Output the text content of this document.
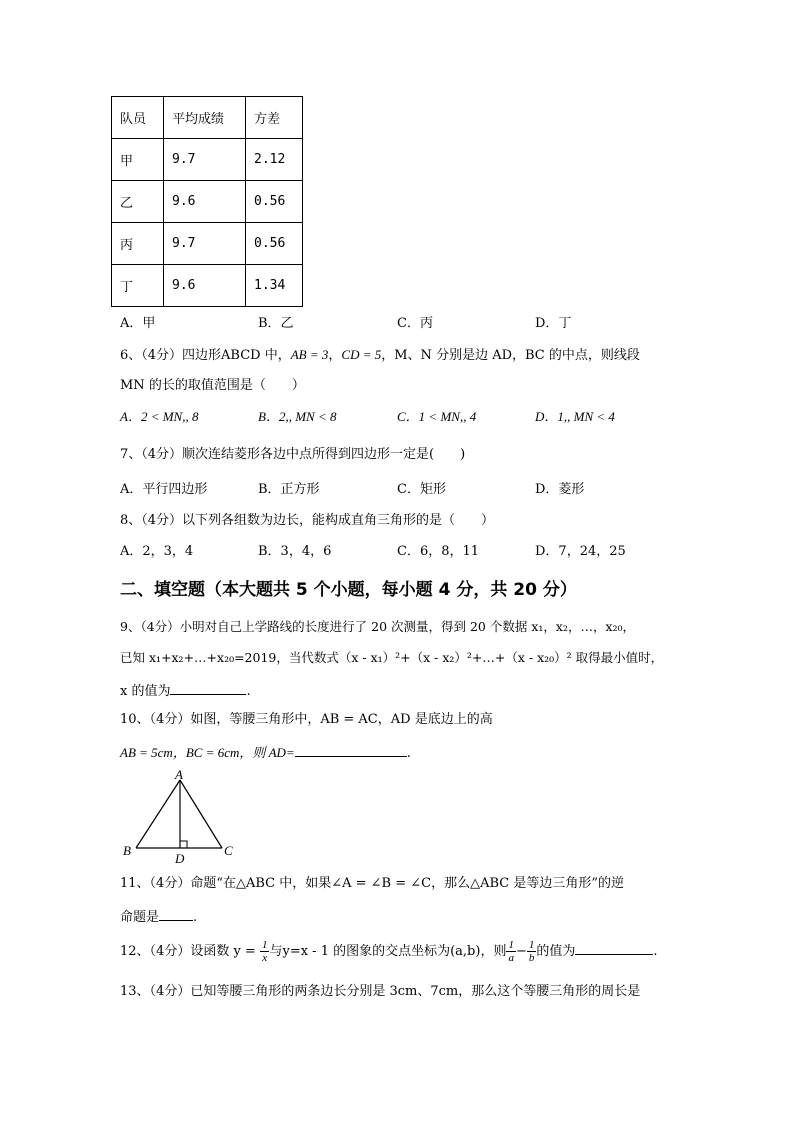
队员	平均成绩	方差
甲	9.7	2.12
乙	9.6	0.56
丙	9.7	0.56
丁	9.6	1.34
A．甲	B．乙	C．丙	D．丁
6、（4分）四边形ABCD 中，AB = 3，CD = 5，M、N 分别是边 AD，BC 的中点，则线段
MN 的长的取值范围是（　　）
A．2 < MN,, 8	B．2,, MN < 8	C．1 < MN,, 4	D．1,, MN < 4
7、（4分）顺次连结菱形各边中点所得到四边形一定是(　　)
A．平行四边形	B．正方形	C．矩形	D．菱形
8、（4分）以下列各组数为边长，能构成直角三角形的是（　　）
A．2，3，4	B．3，4，6	C．6，8，11	D．7，24，25
二、填空题（本大题共 5 个小题，每小题 4 分，共 20 分）
9、（4分）小明对自己上学路线的长度进行了 20 次测量，得到 20 个数据 x₁，x₂，…，x₂₀，
已知 x₁+x₂+…+x₂₀=2019，当代数式（x - x₁）²+（x - x₂）²+…+（x - x₂₀）² 取得最小值时，
x 的值为	.
10、（4分）如图，等腰三角形中，AB = AC，AD 是底边上的高
AB = 5cm，BC = 6cm，则 AD=	.
A
B	C
D
11、（4分）命题“在△ABC 中，如果∠A = ∠B = ∠C，那么△ABC 是等边三角形”的逆
命题是	.
12、（4分）设函数 $y = \frac{1}{x}$ 与y=x - 1 的图象的交点坐标为(a,b)，则 $\frac{1}{a} - \frac{1}{b}$ 的值为	.
13、（4分）已知等腰三角形的两条边长分别是 3cm、7cm，那么这个等腰三角形的周长是
